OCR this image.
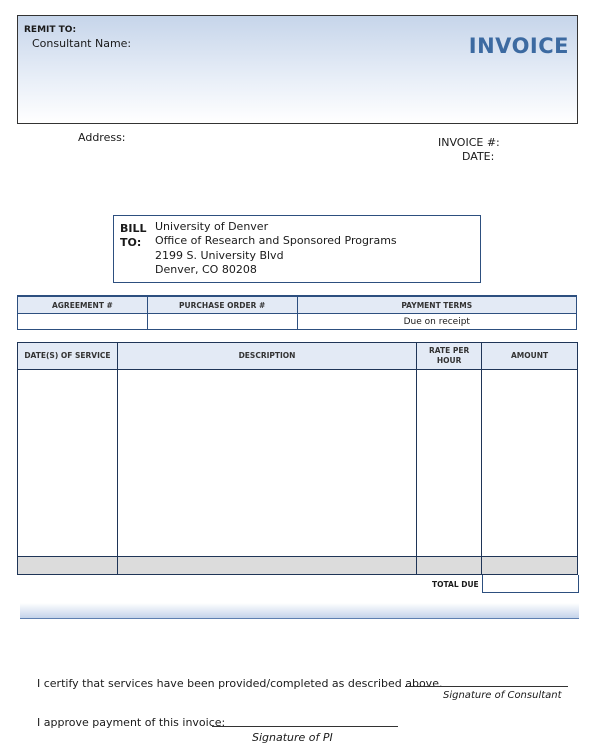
REMIT TO:
Consultant Name:	INVOICE
Address:	INVOICE #:
DATE:
BILL
TO:
University of Denver
Office of Research and Sponsored Programs
2199 S. University Blvd
Denver, CO 80208
AGREEMENT #	PURCHASE ORDER #	PAYMENT TERMS
		Due on receipt
DATE(S) OF SERVICE	DESCRIPTION	RATE PER HOUR	AMOUNT

TOTAL DUE
I certify that services have been provided/completed as described above.
Signature of Consultant
I approve payment of this invoice:
Signature of PI
